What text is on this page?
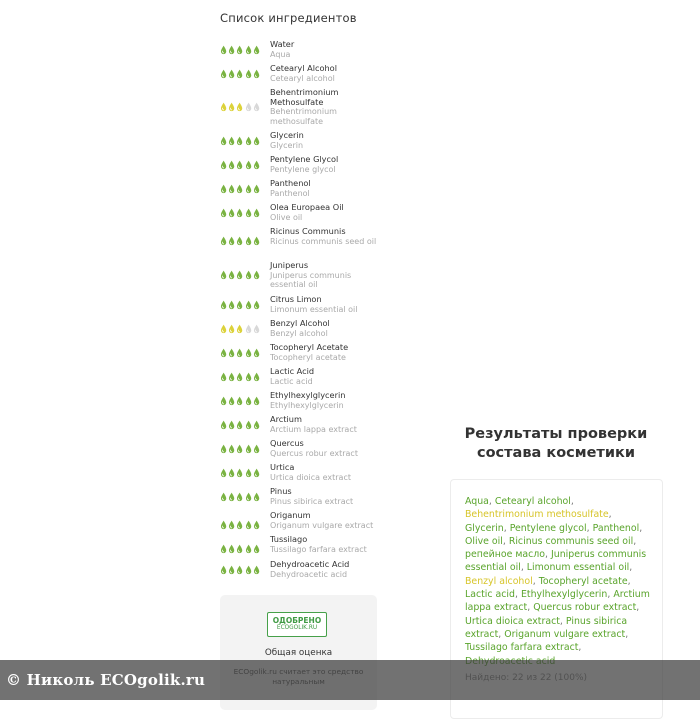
Список ингредиентов
Water
Aqua
Cetearyl Alcohol
Cetearyl alcohol
Behentrimonium Methosulfate
Behentrimonium methosulfate
Glycerin
Glycerin
Pentylene Glycol
Pentylene glycol
Panthenol
Panthenol
Olea Europaea Oil
Olive oil
Ricinus Communis
Ricinus communis seed oil
Juniperus
Juniperus communis essential oil
Citrus Limon
Limonum essential oil
Benzyl Alcohol
Benzyl alcohol
Tocopheryl Acetate
Tocopheryl acetate
Lactic Acid
Lactic acid
Ethylhexylglycerin
Ethylhexylglycerin
Arctium
Arctium lappa extract
Quercus
Quercus robur extract
Urtica
Urtica dioica extract
Pinus
Pinus sibirica extract
Origanum
Origanum vulgare extract
Tussilago
Tussilago farfara extract
Dehydroacetic Acid
Dehydroacetic acid
ОДОБРЕНО
ECOGOLIK.RU
Общая оценка
Результаты проверки состава косметики
Aqua, Cetearyl alcohol, Behentrimonium methosulfate, Glycerin, Pentylene glycol, Panthenol, Olive oil, Ricinus communis seed oil, репейное масло, Juniperus communis essential oil, Limonum essential oil, Benzyl alcohol, Tocopheryl acetate, Lactic acid, Ethylhexylglycerin, Arctium lappa extract, Quercus robur extract, Urtica dioica extract, Pinus sibirica extract, Origanum vulgare extract, Tussilago farfara extract,
© Николь ECOgolik.ru
